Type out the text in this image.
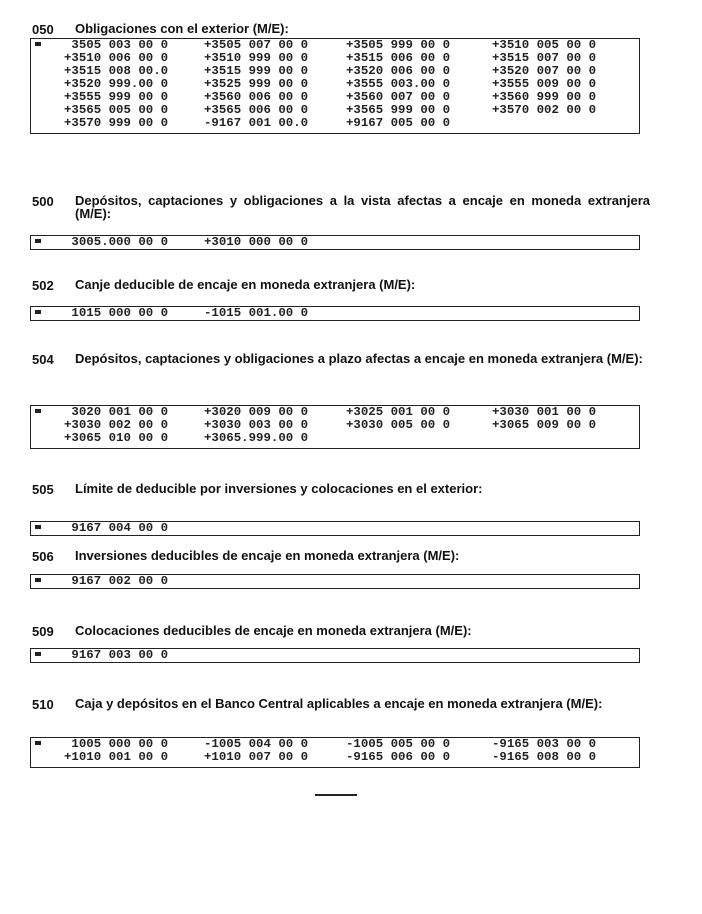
050 Obligaciones con el exterior (M/E):
3505 003 00 0	+3505 007 00 0	+3505 999 00 0	+3510 005 00 0
+3510 006 00 0	+3510 999 00 0	+3515 006 00 0	+3515 007 00 0
+3515 008 00.0	+3515 999 00 0	+3520 006 00 0	+3520 007 00 0
+3520 999.00 0	+3525 999 00 0	+3555 003.00 0	+3555 009 00 0
+3555 999 00 0	+3560 006 00 0	+3560 007 00 0	+3560 999 00 0
+3565 005 00 0	+3565 006 00 0	+3565 999 00 0	+3570 002 00 0
+3570 999 00 0	-9167 001 00.0	+9167 005 00 0
500 Depósitos, captaciones y obligaciones a la vista afectas a encaje en moneda extranjera (M/E):
3005.000 00 0	+3010 000 00 0
502 Canje deducible de encaje en moneda extranjera (M/E):
1015 000 00 0	-1015 001.00 0
504 Depósitos, captaciones y obligaciones a plazo afectas a encaje en moneda extranjera (M/E):
3020 001 00 0	+3020 009 00 0	+3025 001 00 0	+3030 001 00 0
+3030 002 00 0	+3030 003 00 0	+3030 005 00 0	+3065 009 00 0
+3065 010 00 0	+3065.999.00 0
505 Límite de deducible por inversiones y colocaciones en el exterior:
9167 004 00 0
506 Inversiones deducibles de encaje en moneda extranjera (M/E):
9167 002 00 0
509 Colocaciones deducibles de encaje en moneda extranjera (M/E):
9167 003 00 0
510 Caja y depósitos en el Banco Central aplicables a encaje en moneda extranjera (M/E):
1005 000 00 0	-1005 004 00 0	-1005 005 00 0	-9165 003 00 0
+1010 001 00 0	+1010 007 00 0	-9165 006 00 0	-9165 008 00 0
